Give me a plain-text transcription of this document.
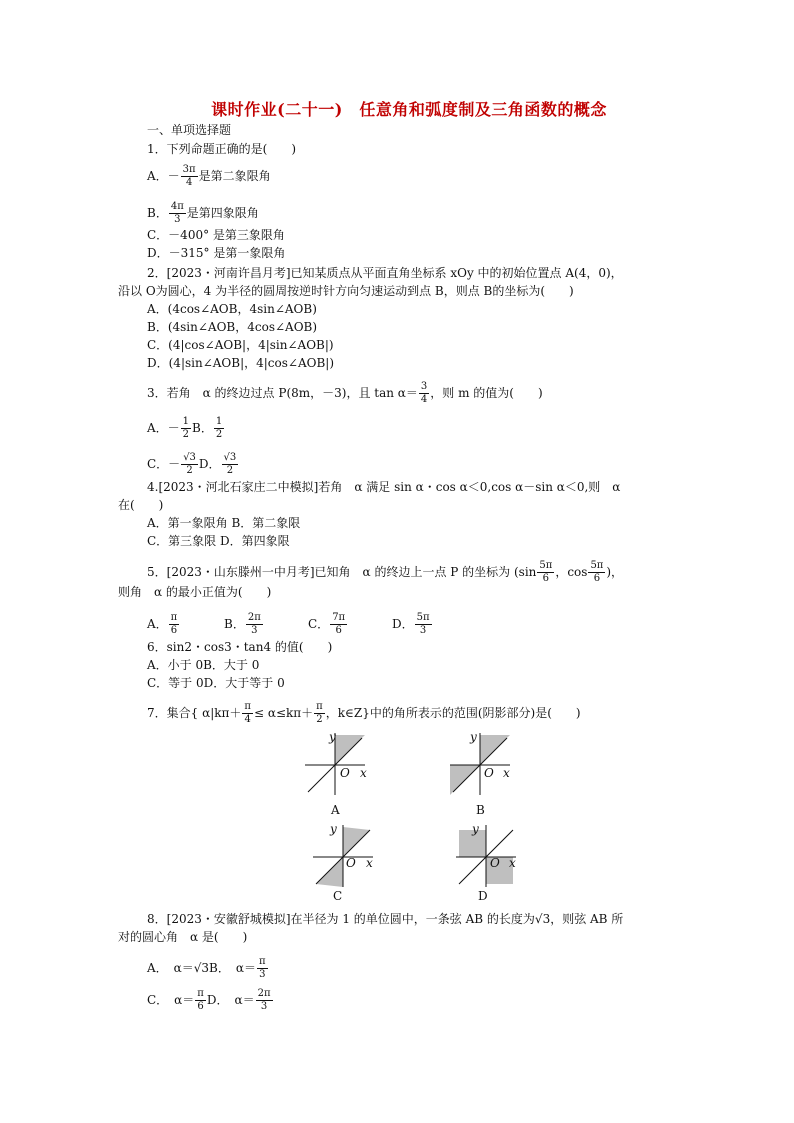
课时作业(二十一)　任意角和弧度制及三角函数的概念
一、单项选择题
1．下列命题正确的是(　　)
A．－ $\frac{3\pi}{4}$ 是第二象限角
B． $\frac{4\pi}{3}$ 是第四象限角
C．－400° 是第三象限角
D．－315° 是第一象限角
2．[2023・河南许昌月考]已知某质点从平面直角坐标系 xOy 中的初始位置点 A(4，0)，
沿以 O为圆心，4 为半径的圆周按逆时针方向匀速运动到点 B，则点 B的坐标为(　　)
A．(4cos∠AOB，4sin∠AOB)
B．(4sin∠AOB，4cos∠AOB)
C．(4|cos∠AOB|，4|sin∠AOB|)
D．(4|sin∠AOB|，4|cos∠AOB|)
3．若角　α 的终边过点 P(8m，－3)，且 $\tan \alpha= \frac{3}{4}$ ，则 m 的值为(　　)
A．－ $\frac{1}{2}$ B． $\frac{1}{2}$
C．－ $\frac{√3}{2}$ D． $\frac{√3}{2}$
4.[2023・河北石家庄二中模拟]若角　α 满足 sin α・cos α＜0,cos α－sin α＜0,则　α
在(　　)
A．第一象限角 B．第二象限
C．第三象限 D．第四象限
5．[2023・山东滕州一中月考]已知角　α 的终边上一点 P 的坐标为 ($\sin \frac{5\pi}{6}$ ，$\cos \frac{5\pi}{6}$ )，
则角　α 的最小正值为(　　)
A． $\frac{\pi}{6}$	B． $\frac{2\pi}{3}$	C． $\frac{7\pi}{6}$	D． $\frac{5\pi}{3}$
6．sin2・cos3・tan4 的值(　　)
A．小于 0B．大于 0
C．等于 0D．大于等于 0
7．集合{ $\alpha|k\pi+ \frac{\pi}{4} \le \alpha\le k\pi+ \frac{\pi}{2}$ ，k∈Z}中的角所表示的范围(阴影部分)是(　　)
y
x
O
A
y
x
O
B
y
x
O
C
y
x
O
D
8．[2023・安徽舒城模拟]在半径为 1 的单位圆中，一条弦 AB 的长度为√3，则弦 AB 所
对的圆心角　α 是(　　)
A．　α＝√3B．　$\alpha= \frac{\pi}{3}$
C．　$\alpha= \frac{\pi}{6}$ D．　$\alpha= \frac{2\pi}{3}$
